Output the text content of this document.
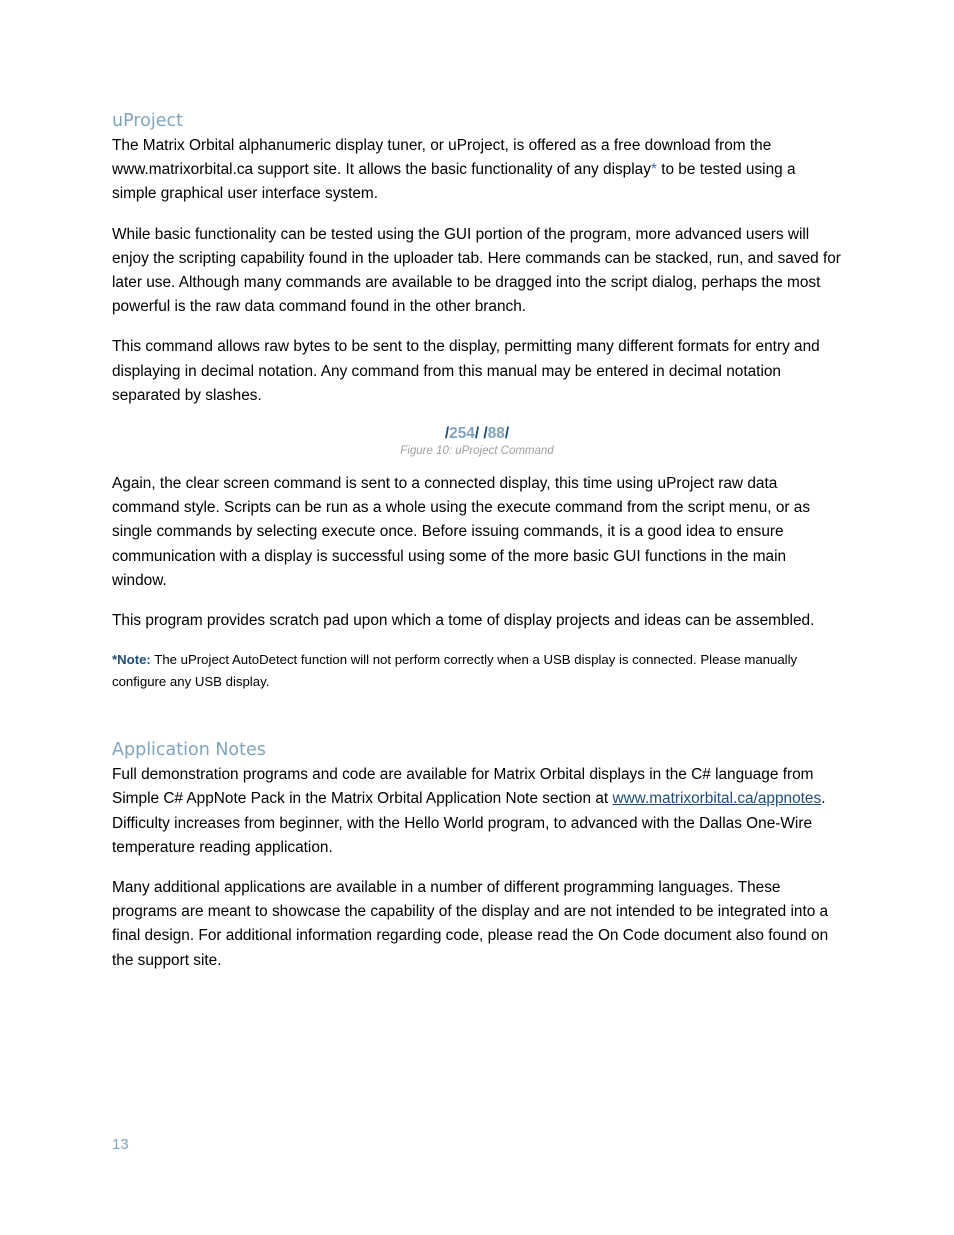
uProject

The Matrix Orbital alphanumeric display tuner, or uProject, is offered as a free download from the www.matrixorbital.ca support site. It allows the basic functionality of any display* to be tested using a simple graphical user interface system.

While basic functionality can be tested using the GUI portion of the program, more advanced users will enjoy the scripting capability found in the uploader tab. Here commands can be stacked, run, and saved for later use. Although many commands are available to be dragged into the script dialog, perhaps the most powerful is the raw data command found in the other branch.

This command allows raw bytes to be sent to the display, permitting many different formats for entry and displaying in decimal notation. Any command from this manual may be entered in decimal notation separated by slashes.

/254/ /88/
Figure 10: uProject Command

Again, the clear screen command is sent to a connected display, this time using uProject raw data command style. Scripts can be run as a whole using the execute command from the script menu, or as single commands by selecting execute once. Before issuing commands, it is a good idea to ensure communication with a display is successful using some of the more basic GUI functions in the main window.

This program provides scratch pad upon which a tome of display projects and ideas can be assembled.

*Note: The uProject AutoDetect function will not perform correctly when a USB display is connected. Please manually configure any USB display.

Application Notes

Full demonstration programs and code are available for Matrix Orbital displays in the C# language from Simple C# AppNote Pack in the Matrix Orbital Application Note section at www.matrixorbital.ca/appnotes. Difficulty increases from beginner, with the Hello World program, to advanced with the Dallas One-Wire temperature reading application.

Many additional applications are available in a number of different programming languages. These programs are meant to showcase the capability of the display and are not intended to be integrated into a final design. For additional information regarding code, please read the On Code document also found on the support site.

13
